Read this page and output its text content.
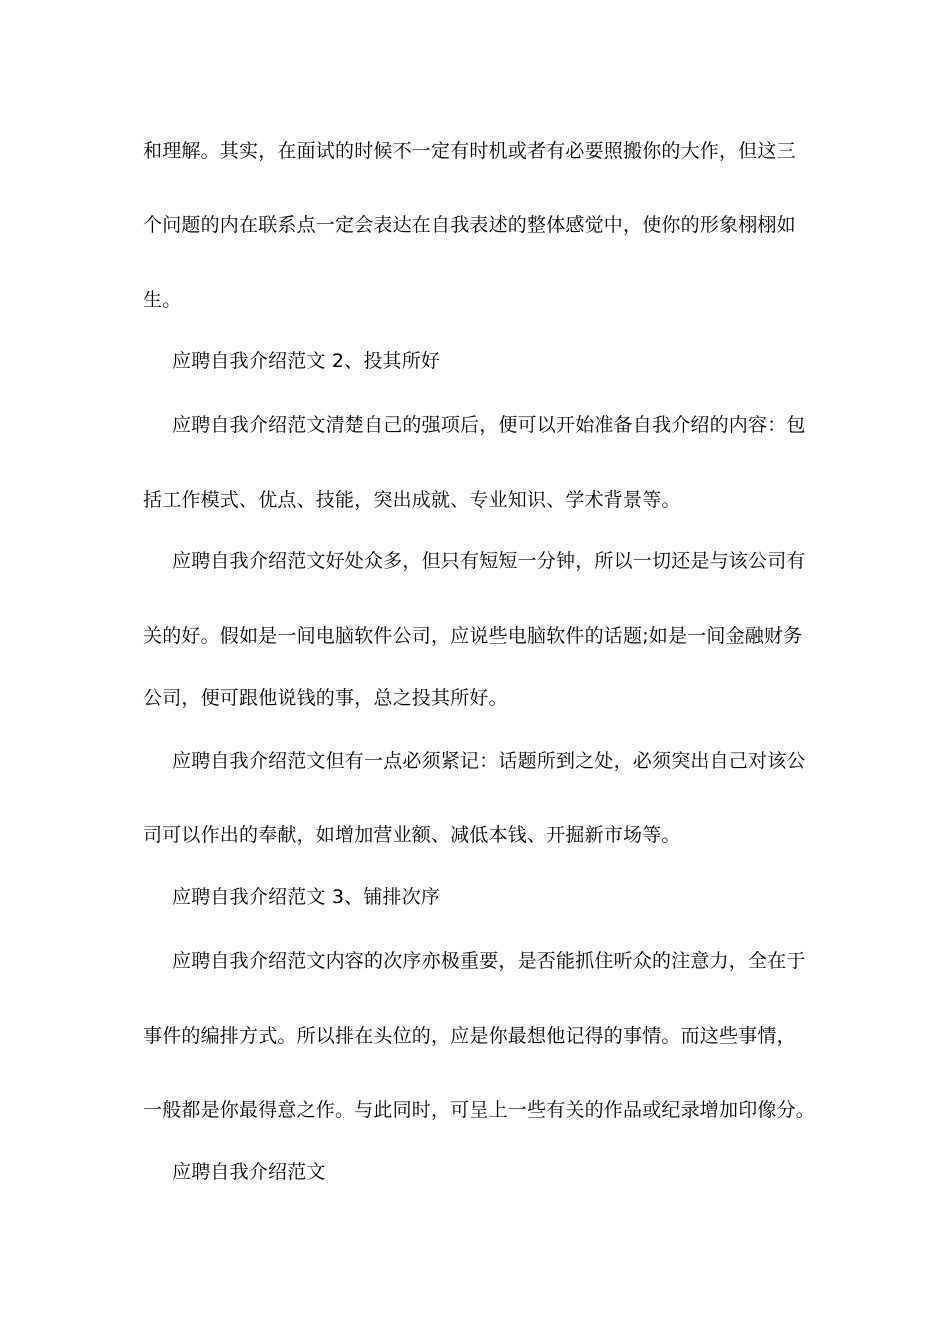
和理解。其实，在面试的时候不一定有时机或者有必要照搬你的大作，但这三
个问题的内在联系点一定会表达在自我表述的整体感觉中，使你的形象栩栩如
生。
应聘自我介绍范文 2、投其所好
应聘自我介绍范文清楚自己的强项后，便可以开始准备自我介绍的内容：包
括工作模式、优点、技能，突出成就、专业知识、学术背景等。
应聘自我介绍范文好处众多，但只有短短一分钟，所以一切还是与该公司有
关的好。假如是一间电脑软件公司，应说些电脑软件的话题;如是一间金融财务
公司，便可跟他说钱的事，总之投其所好。
应聘自我介绍范文但有一点必须紧记：话题所到之处，必须突出自己对该公
司可以作出的奉献，如增加营业额、减低本钱、开掘新市场等。
应聘自我介绍范文 3、铺排次序
应聘自我介绍范文内容的次序亦极重要，是否能抓住听众的注意力，全在于
事件的编排方式。所以排在头位的，应是你最想他记得的事情。而这些事情，
一般都是你最得意之作。与此同时，可呈上一些有关的作品或纪录增加印像分。
应聘自我介绍范文
